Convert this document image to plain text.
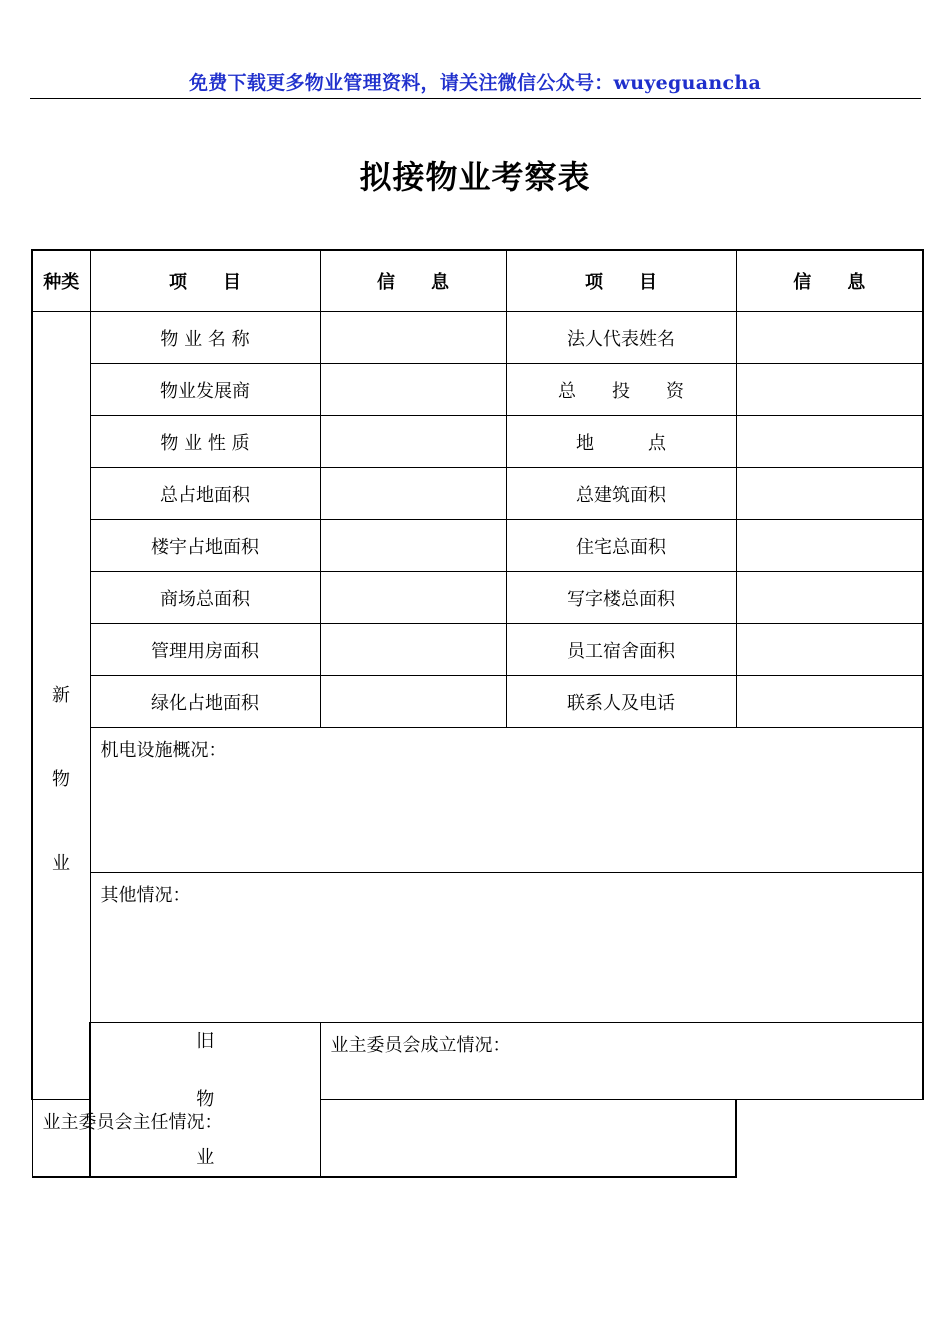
免费下载更多物业管理资料，请关注微信公众号：wuyeguancha
拟接物业考察表
种类	项　　目	信　　息	项　　目	信　　息

新
物
业	物 业 名 称		法人代表姓名	
	物业发展商		总　　投　　资	
	物 业 性 质		地　　　点	
	总占地面积		总建筑面积	
	楼宇占地面积		住宅总面积	
	商场总面积		写字楼总面积	
	管理用房面积		员工宿舍面积	
	绿化占地面积		联系人及电话	
	机电设施概况：			
	其他情况：			

	旧
物
业	业主委员会成立情况：		
业主委员会主任情况：				
